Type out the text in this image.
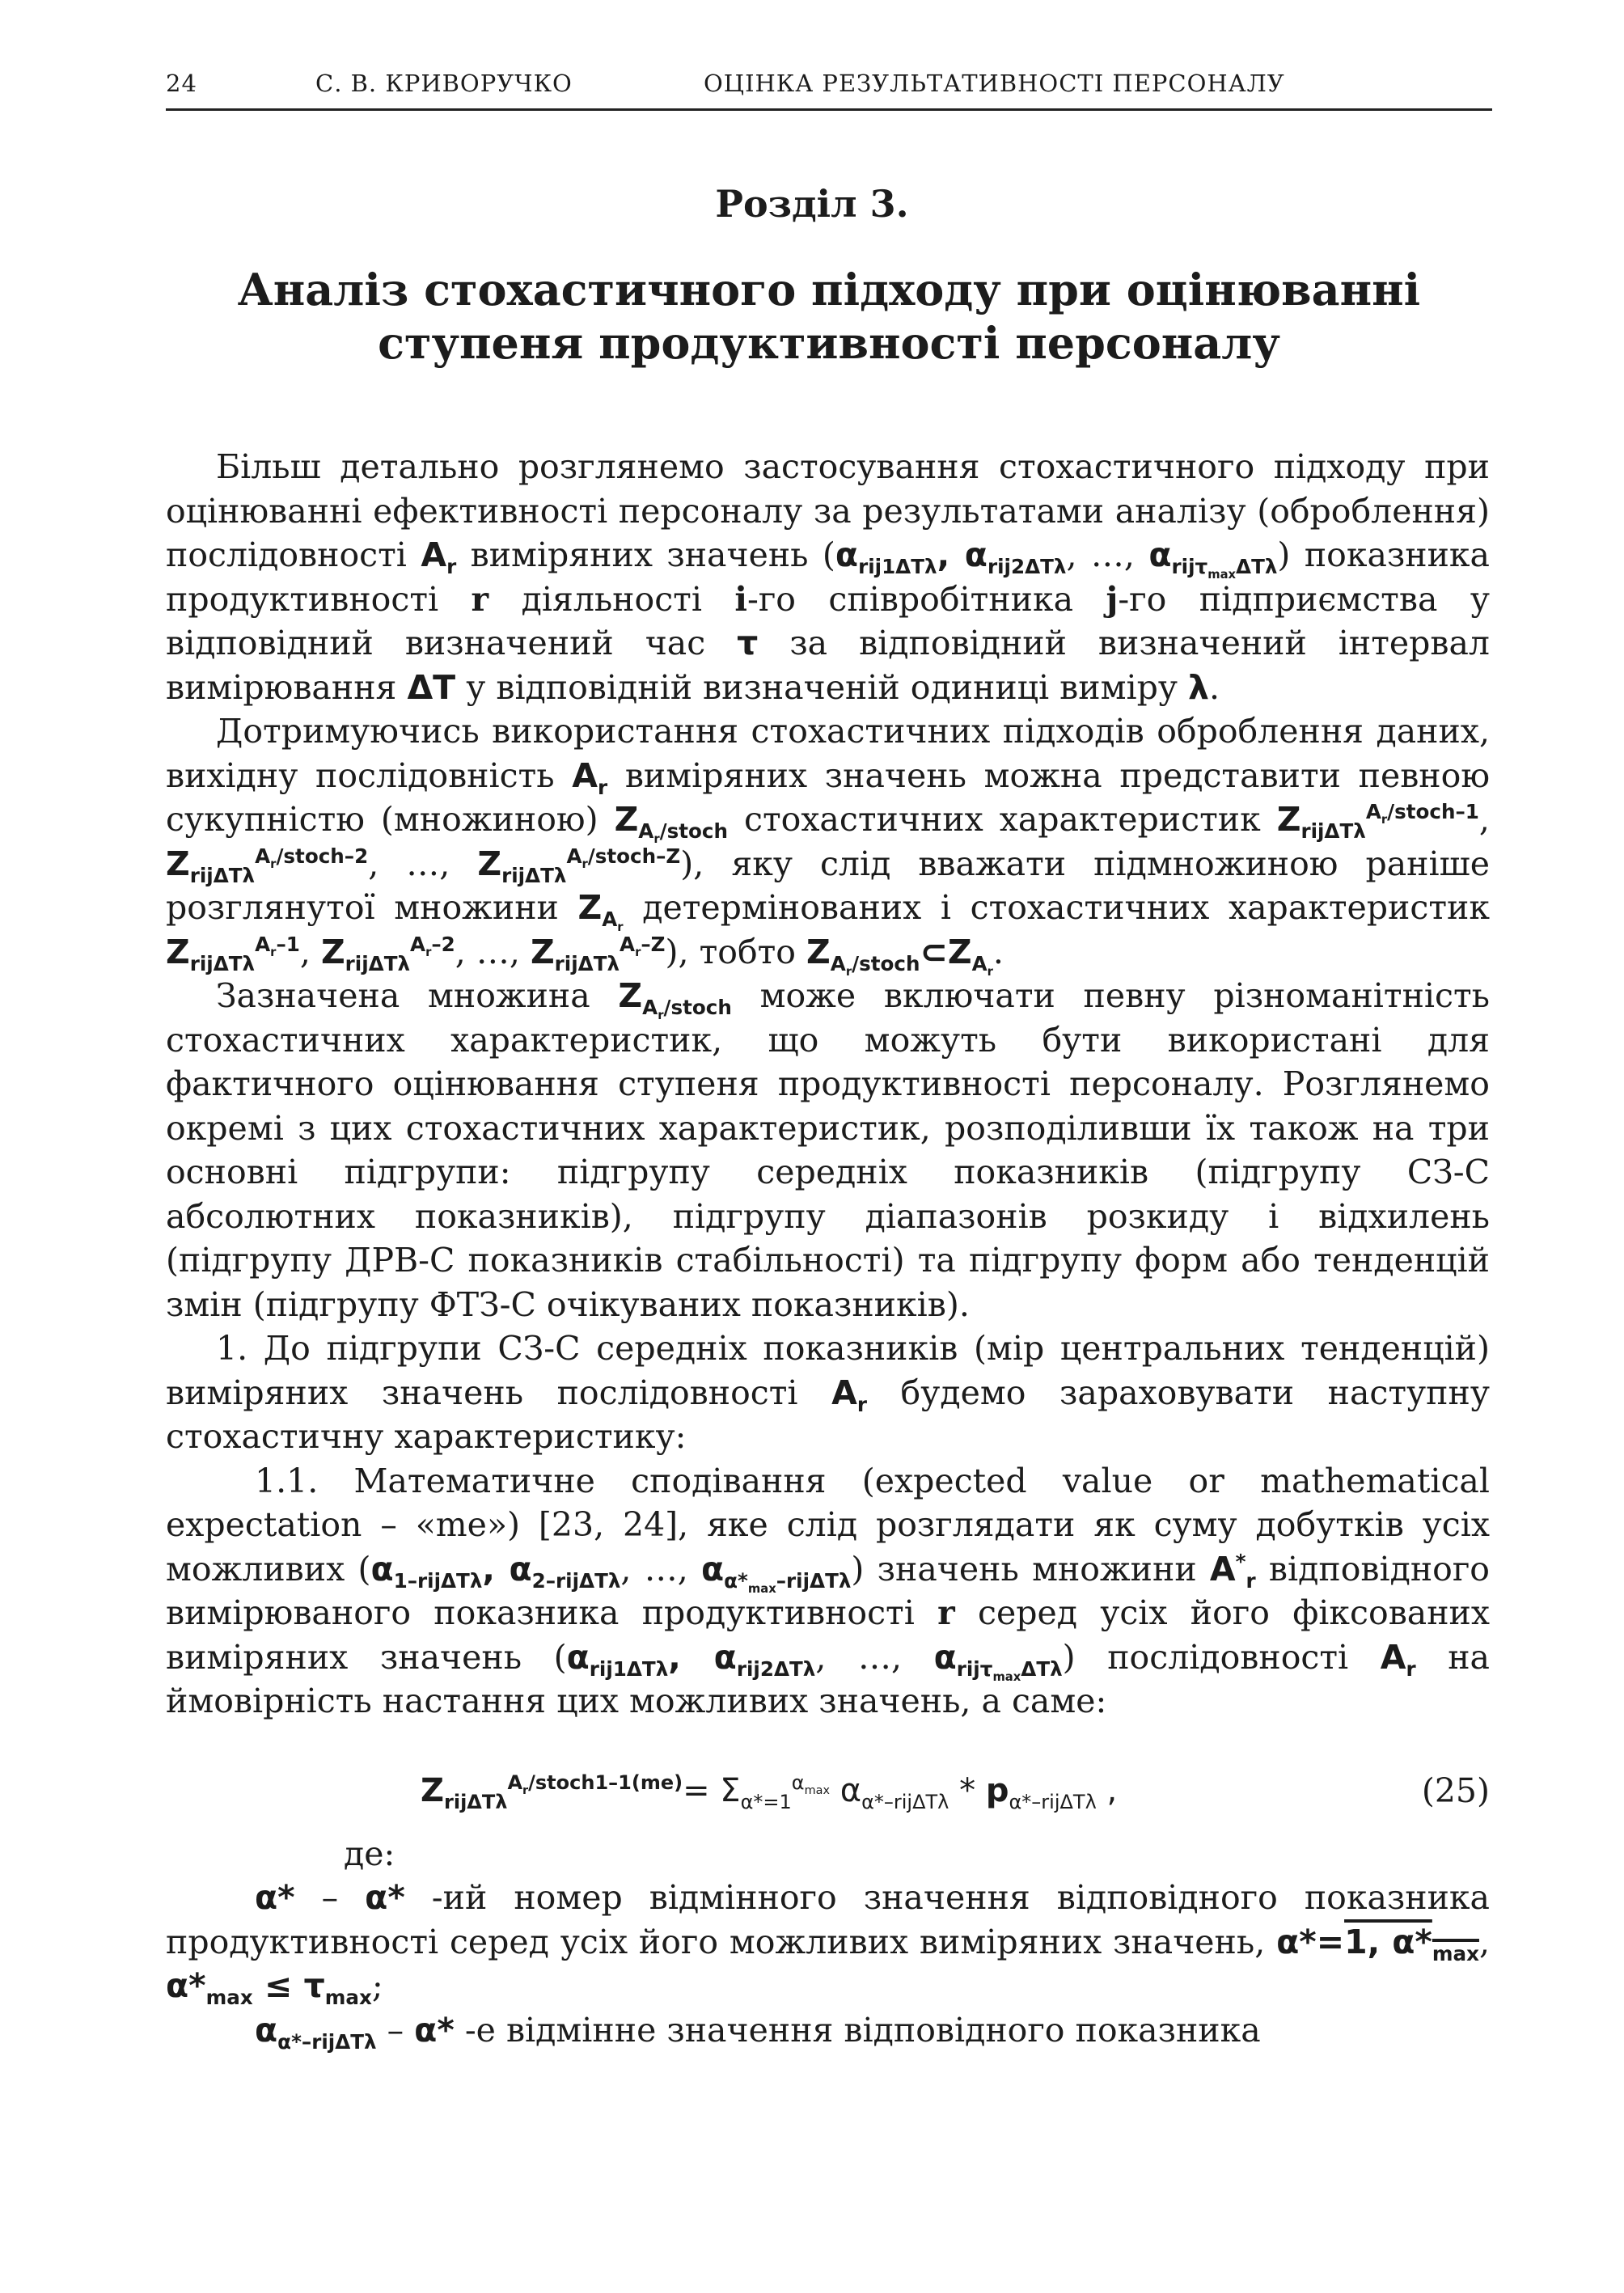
24	С. В. КРИВОРУЧКО	ОЦІНКА РЕЗУЛЬТАТИВНОСТІ ПЕРСОНАЛУ
Розділ 3.
Аналіз стохастичного підходу при оцінюванні
ступеня продуктивності персоналу

Більш детально розглянемо застосування стохастичного підходу при оцінюванні ефективності персоналу за результатами аналізу (оброблення) послідовності $A_r$ виміряних значень ($\alpha_{rij1\Delta T\lambda}$, $\alpha_{rij2\Delta T\lambda}$, …, $\alpha_{rij\tau_{max}\Delta T\lambda}$) показника продуктивності r діяльності i-го співробітника j-го підприємства у відповідний визначений час τ за відповідний визначений інтервал вимірювання ΔT у відповідній визначеній одиниці виміру λ.

Дотримуючись використання стохастичних підходів оброблення даних, вихідну послідовність $A_r$ виміряних значень можна представити певною сукупністю (множиною) $Z_{A_r/stoch}$ стохастичних характеристик $Z_{rij\Delta T\lambda}^{A_r/stoch-1}$, $Z_{rij\Delta T\lambda}^{A_r/stoch-2}$, …, $Z_{rij\Delta T\lambda}^{A_r/stoch-Z}$), яку слід вважати підмножиною раніше розглянутої множини $Z_{A_r}$ детермінованих і стохастичних характеристик $Z_{rij\Delta T\lambda}^{A_r-1}$, $Z_{rij\Delta T\lambda}^{A_r-2}$, …, $Z_{rij\Delta T\lambda}^{A_r-Z}$), тобто $Z_{A_r/stoch}\subset Z_{A_r}$.

Зазначена множина $Z_{A_r/stoch}$ може включати певну різноманітність стохастичних характеристик, що можуть бути використані для фактичного оцінювання ступеня продуктивності персоналу. Розглянемо окремі з цих стохастичних характеристик, розподіливши їх також на три основні підгрупи: підгрупу середніх показників (підгрупу СЗ-С абсолютних показників), підгрупу діапазонів розкиду і відхилень (підгрупу ДРВ-С показників стабільності) та підгрупу форм або тенденцій змін (підгрупу ФТЗ-С очікуваних показників).

1. До підгрупи СЗ-С середніх показників (мір центральних тенденцій) виміряних значень послідовності $A_r$ будемо зараховувати наступну стохастичну характеристику:

1.1. Математичне сподівання (expected value or mathematical expectation – «me») [23, 24], яке слід розглядати як суму добутків усіх можливих ($\alpha_{1-rij\Delta T\lambda}$, $\alpha_{2-rij\Delta T\lambda}$, …, $\alpha_{\alpha*_{max}-rij\Delta T\lambda}$) значень множини $A^*_r$ відповідного вимірюваного показника продуктивності r серед усіх його фіксованих виміряних значень ($\alpha_{rij1\Delta T\lambda}$, $\alpha_{rij2\Delta T\lambda}$, …, $\alpha_{rij\tau_{max}\Delta T\lambda}$) послідовності $A_r$ на ймовірність настання цих можливих значень, а саме:

$Z_{rij\Delta T\lambda}^{A_r/stoch1-1(me)}= \Sigma_{\alpha*=1}^{\alpha_{max}}$ $\alpha_{\alpha*-rij\Delta T\lambda} * p_{\alpha*-rij\Delta T\lambda}$ ,	(25)

де:

α* – α* -ий номер відмінного значення відповідного показника продуктивності серед усіх його можливих виміряних значень, α*=1, $\alpha*_{max}$, $\alpha*_{max} \le \tau_{max}$;

$\alpha_{\alpha*-rij\Delta T\lambda} - \alpha*$ -е відмінне значення відповідного показника
